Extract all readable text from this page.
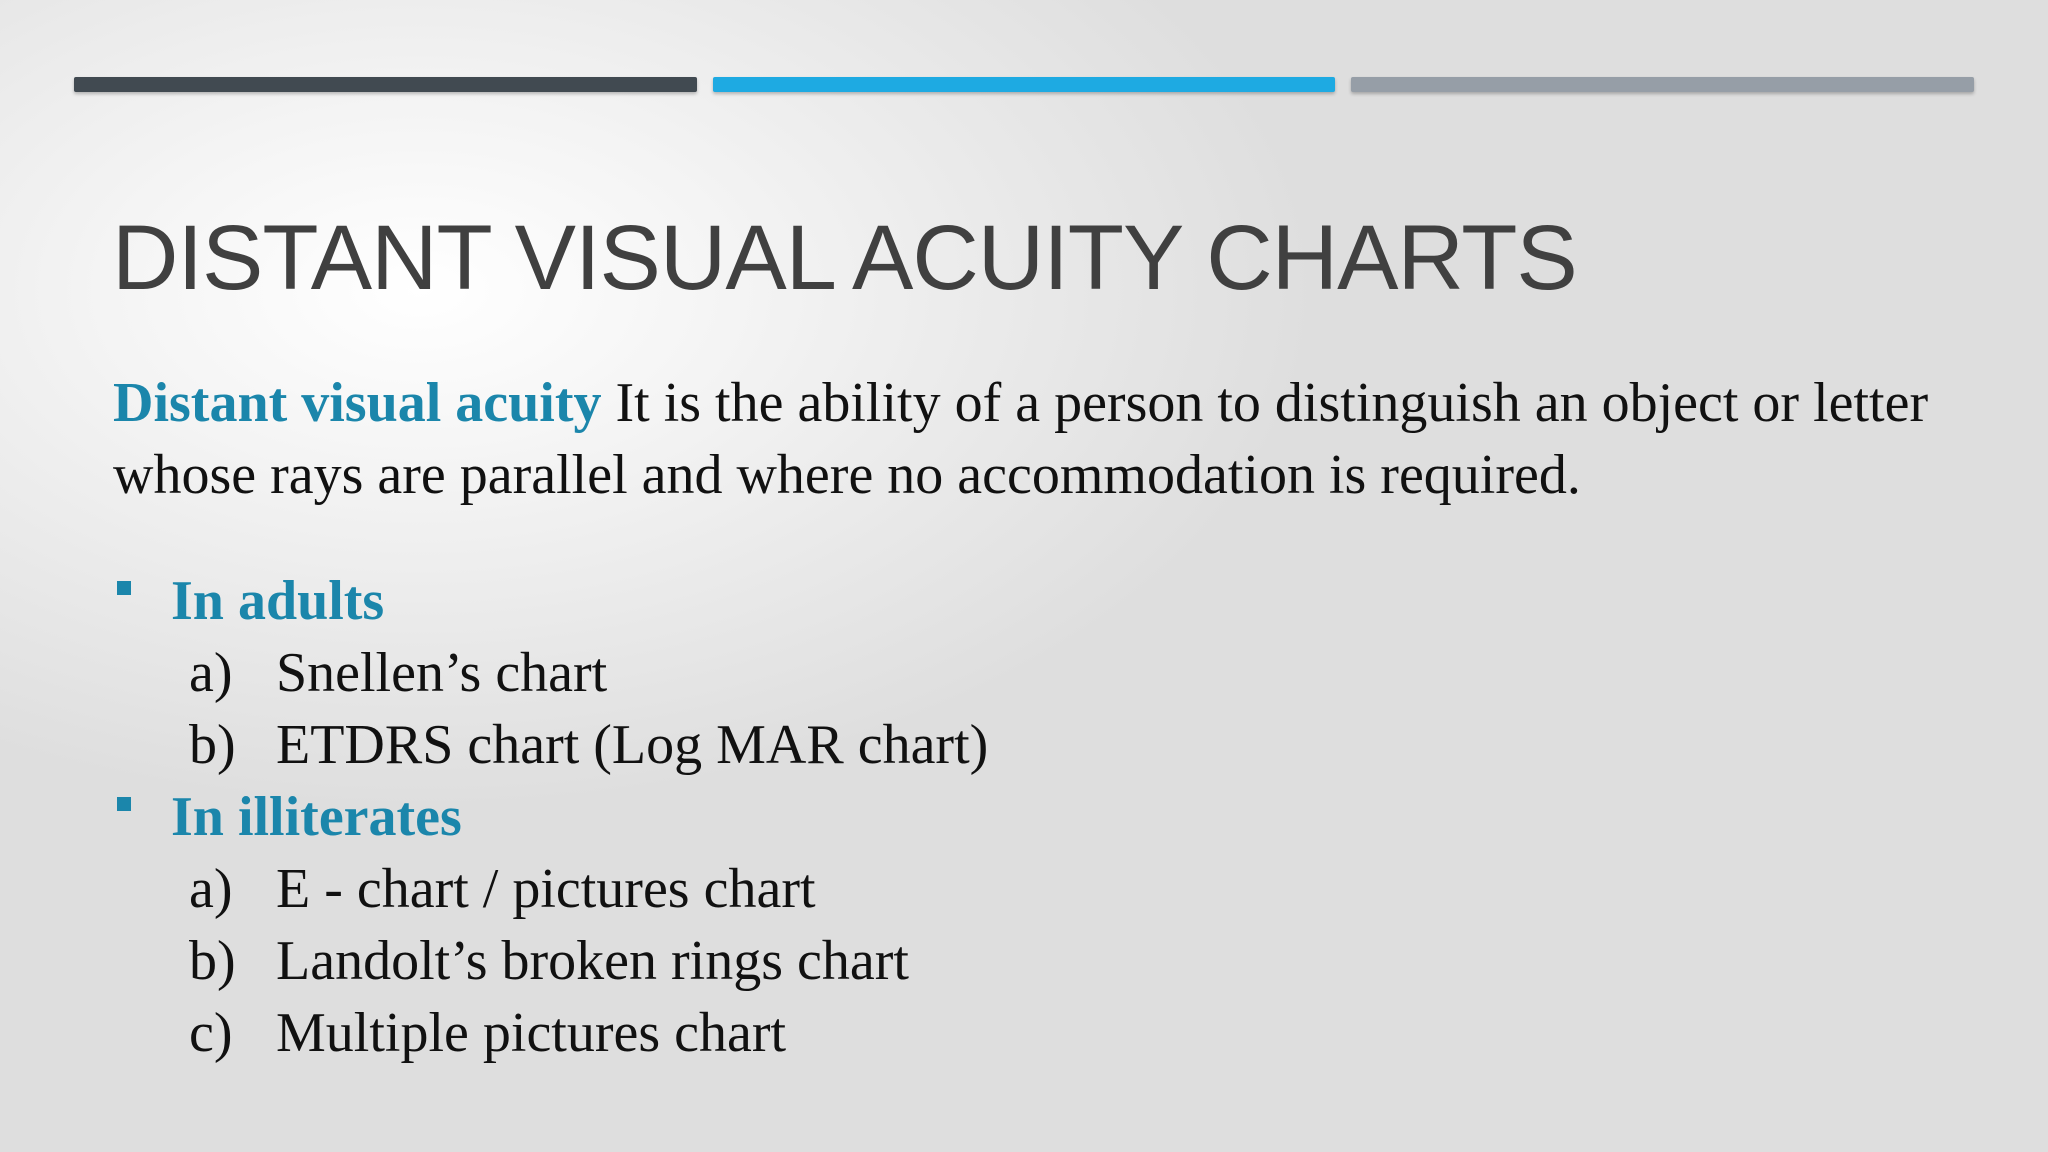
DISTANT VISUAL ACUITY CHARTS

Distant visual acuity It is the ability of a person to distinguish an object or letter whose rays are parallel and where no accommodation is required.

In adults
a) Snellen’s chart
b) ETDRS chart (Log MAR chart)
In illiterates
a) E - chart / pictures chart
b) Landolt’s broken rings chart
c) Multiple pictures chart
